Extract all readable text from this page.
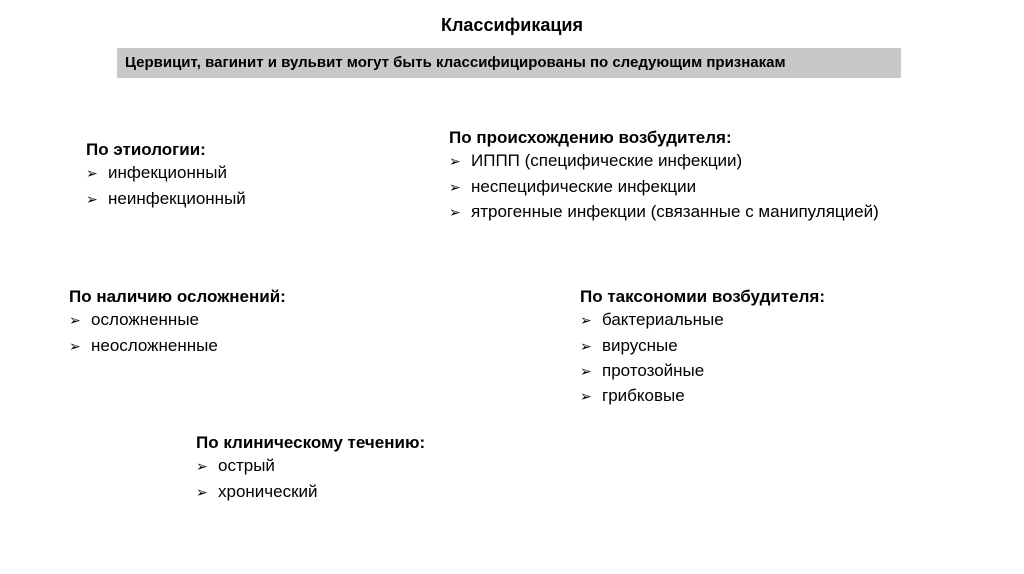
Классификация
Цервицит, вагинит и вульвит могут быть классифицированы по следующим признакам
По этиологии:
➢ инфекционный
➢ неинфекционный
По происхождению возбудителя:
➢ ИППП (специфические инфекции)
➢ неспецифические инфекции
➢ ятрогенные инфекции (связанные с манипуляцией)
По наличию осложнений:
➢ осложненные
➢ неосложненные
По таксономии возбудителя:
➢ бактериальные
➢ вирусные
➢ протозойные
➢ грибковые
По клиническому течению:
➢ острый
➢ хронический
